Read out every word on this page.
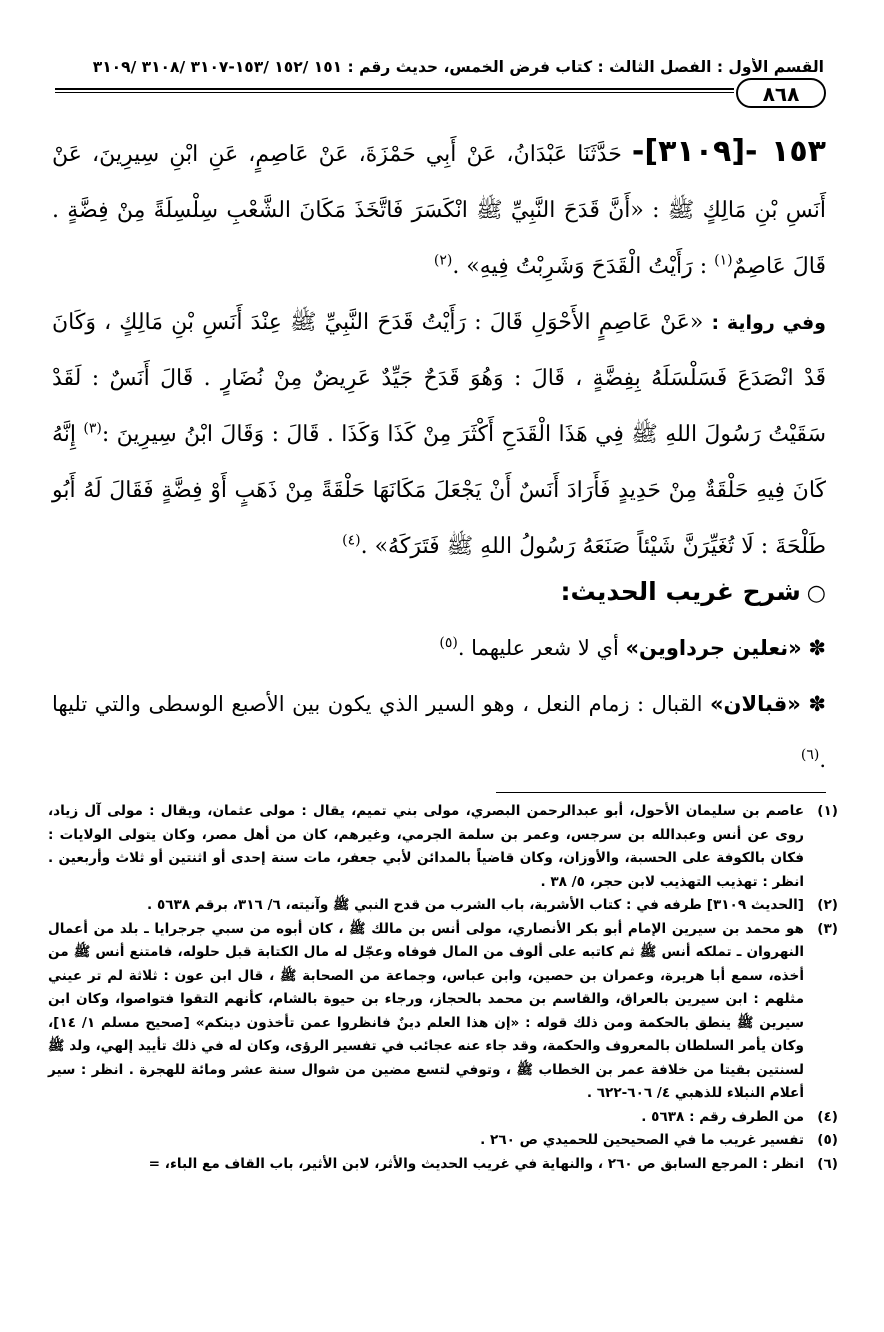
القسم الأول : الفصل الثالث : كتاب فرض الخمس، حديث رقم : ١٥١ /١٥٢ /١٥٣-٣١٠٧ /٣١٠٨ /٣١٠٩
٨٦٨

١٥٣ -[٣١٠٩]- حَدَّثَنَا عَبْدَانُ، عَنْ أَبِي حَمْزَةَ، عَنْ عَاصِمٍ، عَنِ ابْنِ سِيرِينَ، عَنْ أَنَسِ بْنِ مَالِكٍ ﷺ : «أَنَّ قَدَحَ النَّبِيِّ ﷺ انْكَسَرَ فَاتَّخَذَ مَكَانَ الشَّعْبِ سِلْسِلَةً مِنْ فِضَّةٍ . قَالَ عَاصِمٌ$^{(١)}$ : رَأَيْتُ الْقَدَحَ وَشَرِبْتُ فِيهِ» .$^{(٢)}$

وفي رواية : «عَنْ عَاصِمٍ الأَحْوَلِ قَالَ : رَأَيْتُ قَدَحَ النَّبِيِّ ﷺ عِنْدَ أَنَسِ بْنِ مَالِكٍ ، وَكَانَ قَدْ انْصَدَعَ فَسَلْسَلَهُ بِفِضَّةٍ ، قَالَ : وَهُوَ قَدَحٌ جَيِّدٌ عَرِيضٌ مِنْ نُضَارٍ . قَالَ أَنَسٌ : لَقَدْ سَقَيْتُ رَسُولَ اللهِ ﷺ فِي هَذَا الْقَدَحِ أَكْثَرَ مِنْ كَذَا وَكَذَا . قَالَ : وَقَالَ ابْنُ سِيرِينَ :$^{(٣)}$ إِنَّهُ كَانَ فِيهِ حَلْقَةٌ مِنْ حَدِيدٍ فَأَرَادَ أَنَسٌ أَنْ يَجْعَلَ مَكَانَهَا حَلْقَةً مِنْ ذَهَبٍ أَوْ فِضَّةٍ فَقَالَ لَهُ أَبُو طَلْحَةَ : لَا تُغَيِّرَنَّ شَيْئاً صَنَعَهُ رَسُولُ اللهِ ﷺ فَتَرَكَهُ» .$^{(٤)}$

○شرح غريب الحديث:

✽ «نعلين جرداوين» أي لا شعر عليهما .$^{(٥)}$

✽ «قبالان» القبال : زمام النعل ، وهو السير الذي يكون بين الأصبع الوسطى والتي تليها .$^{(٦)}$

(١)
عاصم بن سليمان الأحول، أبو عبدالرحمن البصري، مولى بني تميم، يقال : مولى عثمان، ويقال : مولى آل زياد، روى عن أنس وعبدالله بن سرجس، وعمر بن سلمة الجرمي، وغيرهم، كان من أهل مصر، وكان يتولى الولايات : فكان بالكوفة على الحسبة، والأوزان، وكان قاضياً بالمدائن لأبي جعفر، مات سنة إحدى أو اثنتين أو ثلاث وأربعين . انظر : تهذيب التهذيب لابن حجر، ٥/ ٣٨ .
(٢)
[الحديث ٣١٠٩] طرفه في : كتاب الأشربة، باب الشرب من قدح النبي ﷺ وآنيته، ٦/ ٣١٦، برقم ٥٦٣٨ .
(٣)
هو محمد بن سيرين الإمام أبو بكر الأنصاري، مولى أنس بن مالك ﷺ ، كان أبوه من سبي جرجرايا ـ بلد من أعمال النهروان ـ تملكه أنس ﷺ ثم كاتبه على ألوف من المال فوفاه وعجّل له مال الكتابة قبل حلوله، فامتنع أنس ﷺ من أخذه، سمع أبا هريرة، وعمران بن حصين، وابن عباس، وجماعة من الصحابة ﷺ ، قال ابن عون : ثلاثة لم تر عيني مثلهم : ابن سيرين بالعراق، والقاسم بن محمد بالحجاز، ورجاء بن حيوة بالشام، كأنهم التقوا فتواصوا، وكان ابن سيرين ﷺ ينطق بالحكمة ومن ذلك قوله : «إن هذا العلم دينٌ فانظروا عمن تأخذون دينكم» [صحيح مسلم ١/ ١٤]، وكان يأمر السلطان بالمعروف والحكمة، وقد جاء عنه عجائب في تفسير الرؤى، وكان له في ذلك تأييد إلهي، ولد ﷺ لسنتين بقيتا من خلافة عمر بن الخطاب ﷺ ، وتوفي لتسع مضين من شوال سنة عشر ومائة للهجرة . انظر : سير أعلام النبلاء للذهبي ٤/ ٦٠٦-٦٢٢ .
(٤)
من الطرف رقم : ٥٦٣٨ .
(٥)
تفسير غريب ما في الصحيحين للحميدي ص ٢٦٠ .
(٦)
انظر : المرجع السابق ص ٢٦٠ ، والنهاية في غريب الحديث والأثر، لابن الأثير، باب القاف مع الباء، =
